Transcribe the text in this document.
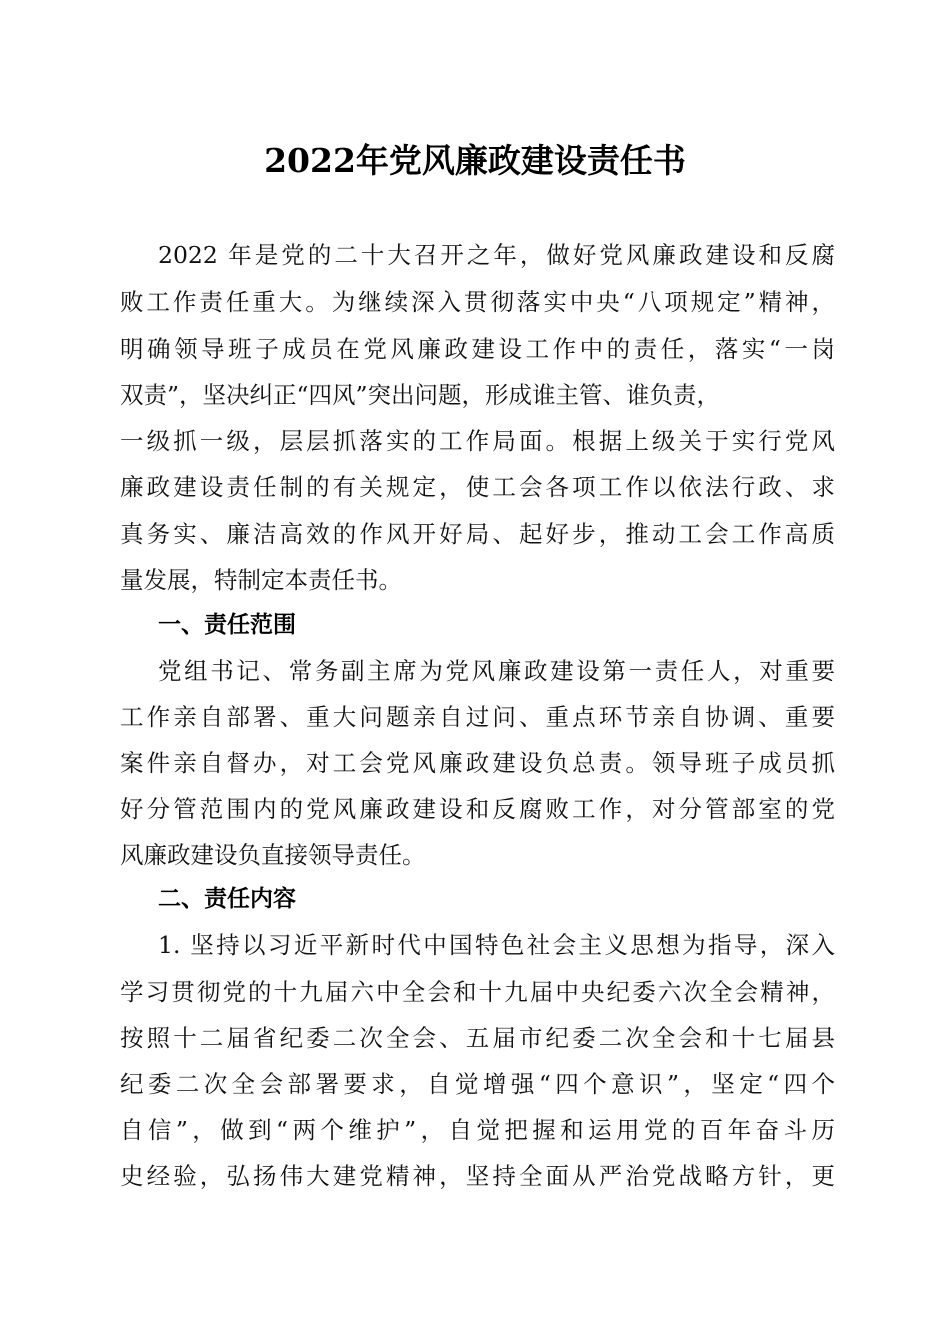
2022年党风廉政建设责任书
2022 年是党的二十大召开之年，做好党风廉政建设和反腐
败工作责任重大。为继续深入贯彻落实中央“八项规定”精神，
明确领导班子成员在党风廉政建设工作中的责任，落实“一岗
双责”，坚决纠正“四风”突出问题，形成谁主管、谁负责，
一级抓一级，层层抓落实的工作局面。根据上级关于实行党风
廉政建设责任制的有关规定，使工会各项工作以依法行政、求
真务实、廉洁高效的作风开好局、起好步，推动工会工作高质
量发展，特制定本责任书。
一、责任范围
党组书记、常务副主席为党风廉政建设第一责任人，对重要
工作亲自部署、重大问题亲自过问、重点环节亲自协调、重要
案件亲自督办，对工会党风廉政建设负总责。领导班子成员抓
好分管范围内的党风廉政建设和反腐败工作，对分管部室的党
风廉政建设负直接领导责任。
二、责任内容
1. 坚持以习近平新时代中国特色社会主义思想为指导，深入
学习贯彻党的十九届六中全会和十九届中央纪委六次全会精神，
按照十二届省纪委二次全会、五届市纪委二次全会和十七届县
纪委二次全会部署要求，自觉增强“四个意识”，坚定“四个
自信”，做到“两个维护”，自觉把握和运用党的百年奋斗历
史经验，弘扬伟大建党精神，坚持全面从严治党战略方针，更
